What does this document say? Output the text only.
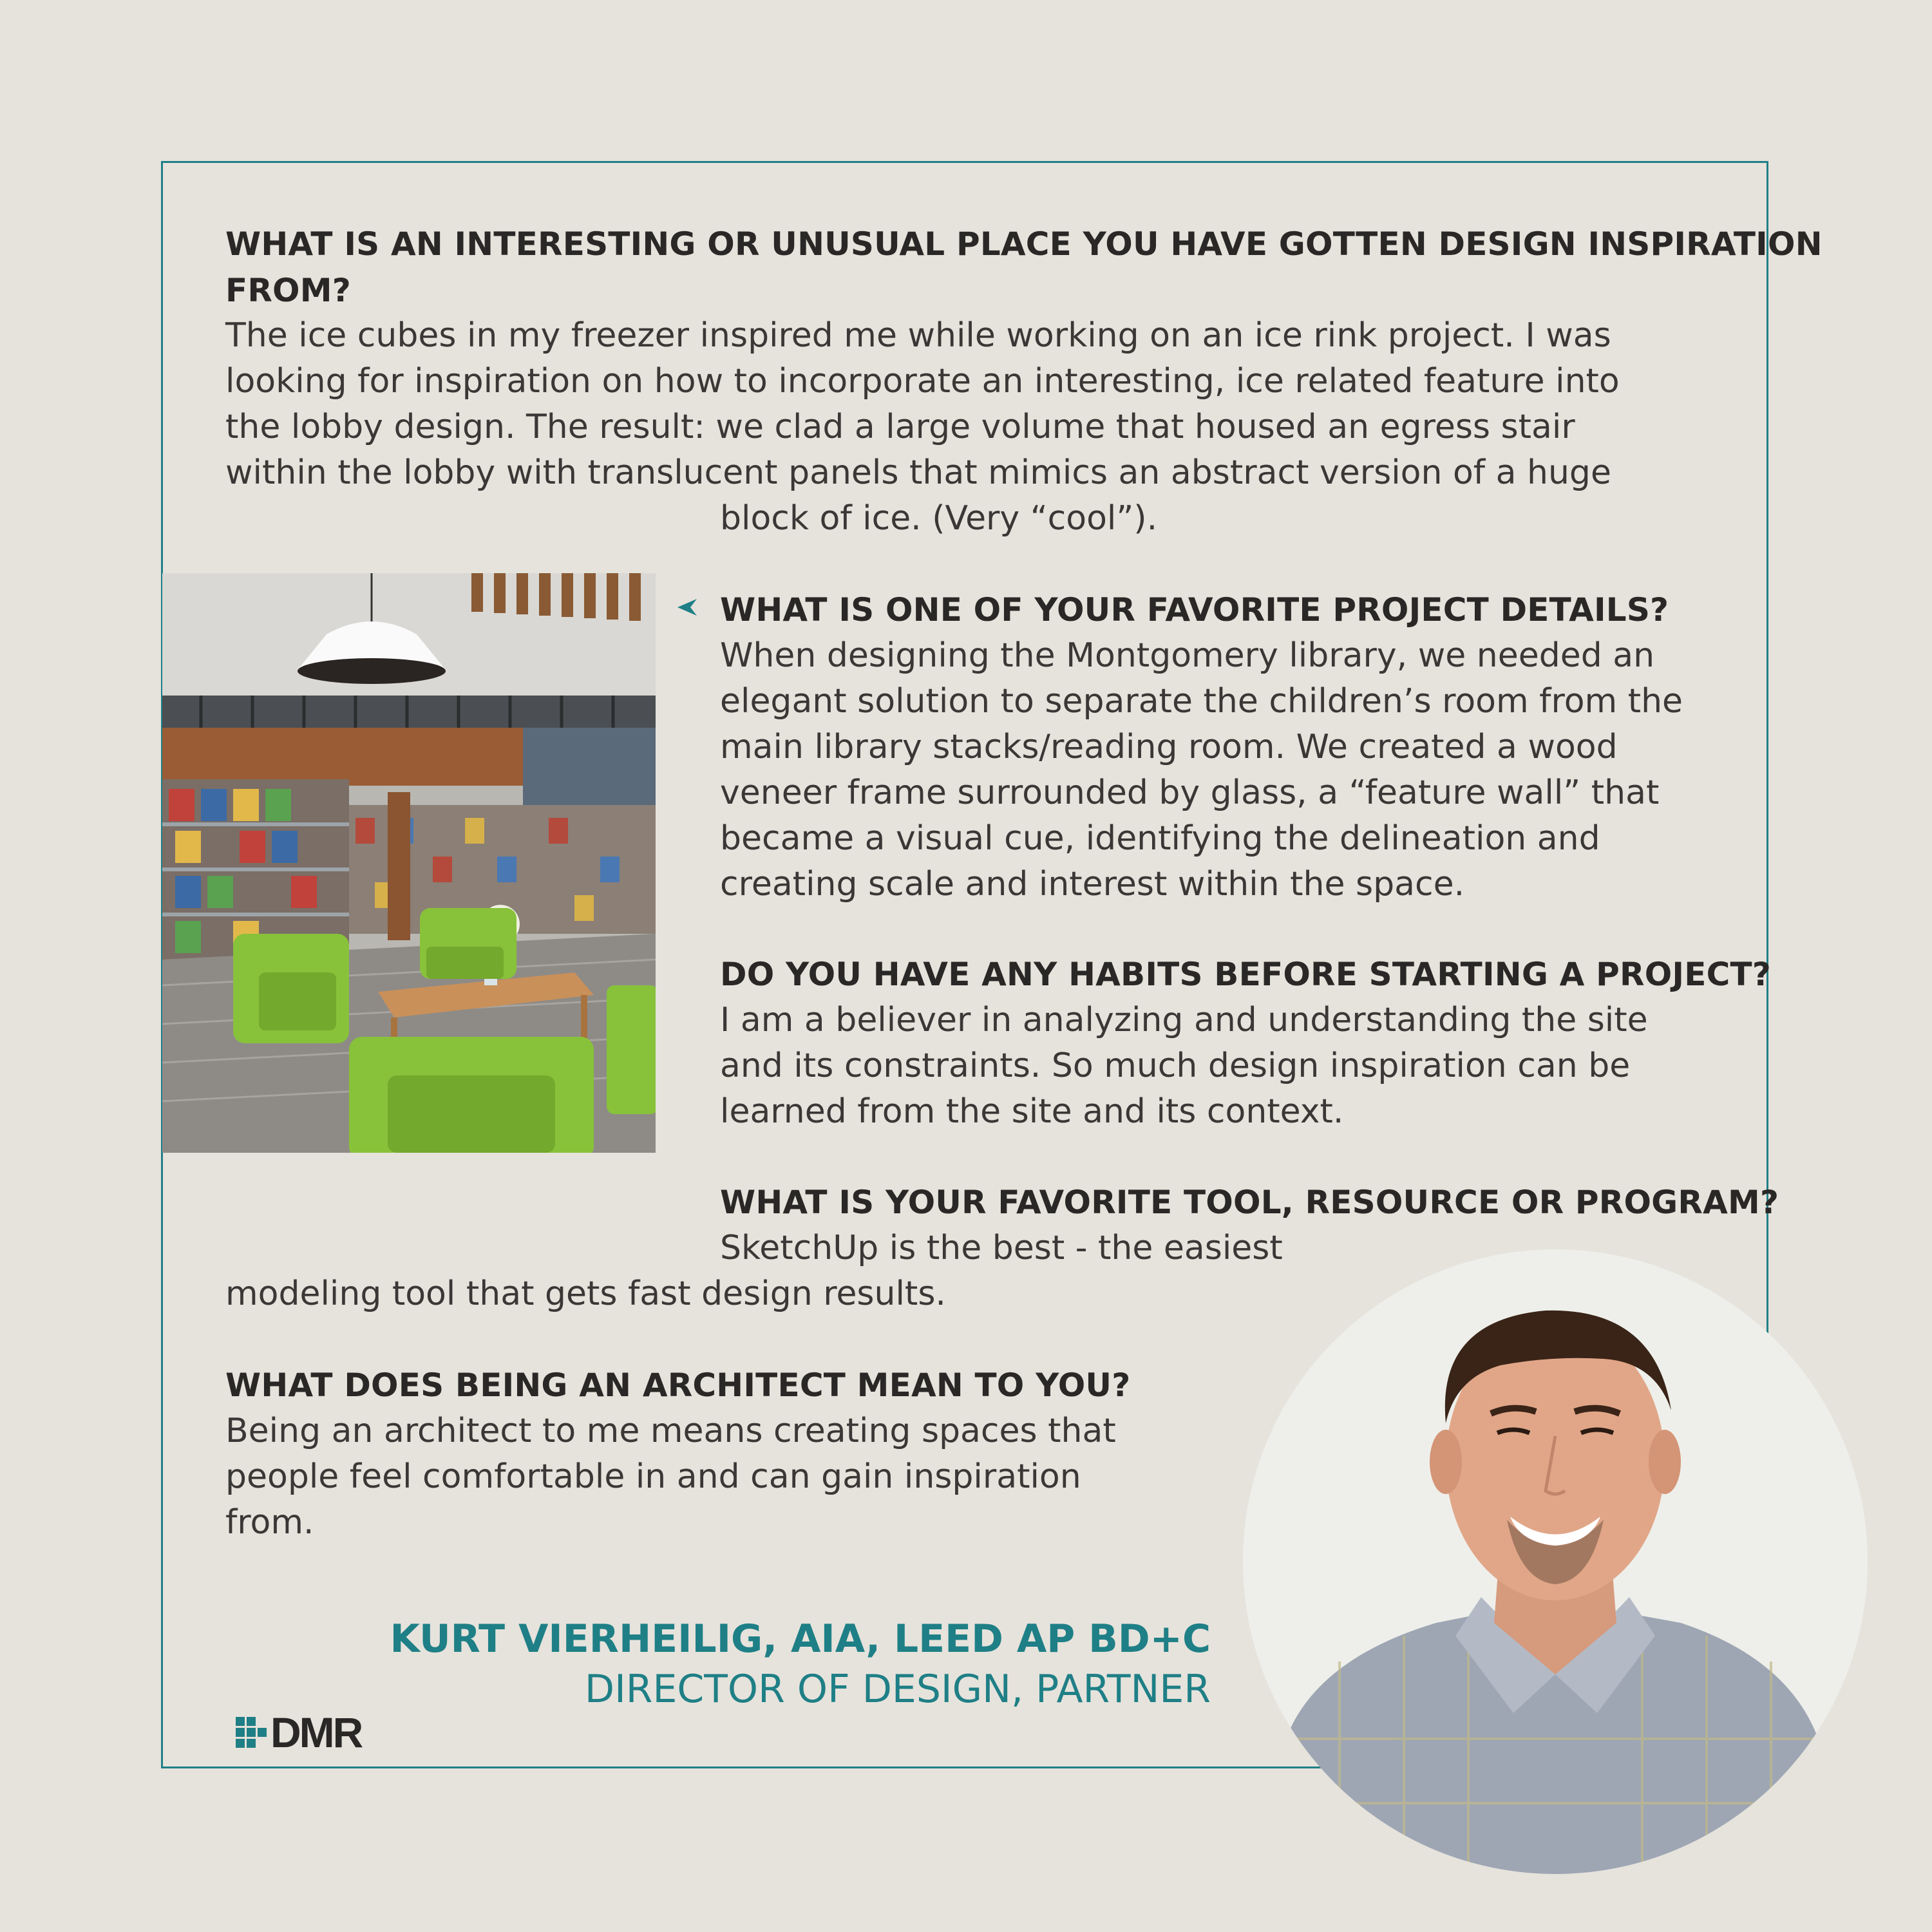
WHAT IS AN INTERESTING OR UNUSUAL PLACE YOU HAVE GOTTEN DESIGN INSPIRATION
FROM?
The ice cubes in my freezer inspired me while working on an ice rink project. I was
looking for inspiration on how to incorporate an interesting, ice related feature into
the lobby design. The result: we clad a large volume that housed an egress stair
within the lobby with translucent panels that mimics an abstract version of a huge
block of ice. (Very “cool”).
WHAT IS ONE OF YOUR FAVORITE PROJECT DETAILS?
When designing the Montgomery library, we needed an
elegant solution to separate the children’s room from the
main library stacks/reading room. We created a wood
veneer frame surrounded by glass, a “feature wall” that
became a visual cue, identifying the delineation and
creating scale and interest within the space.
DO YOU HAVE ANY HABITS BEFORE STARTING A PROJECT?
I am a believer in analyzing and understanding the site
and its constraints. So much design inspiration can be
learned from the site and its context.
WHAT IS YOUR FAVORITE TOOL, RESOURCE OR PROGRAM?
SketchUp is the best - the easiest
modeling tool that gets fast design results.
WHAT DOES BEING AN ARCHITECT MEAN TO YOU?
Being an architect to me means creating spaces that
people feel comfortable in and can gain inspiration
from.
KURT VIERHEILIG, AIA, LEED AP BD+C
DIRECTOR OF DESIGN, PARTNER
DMR
